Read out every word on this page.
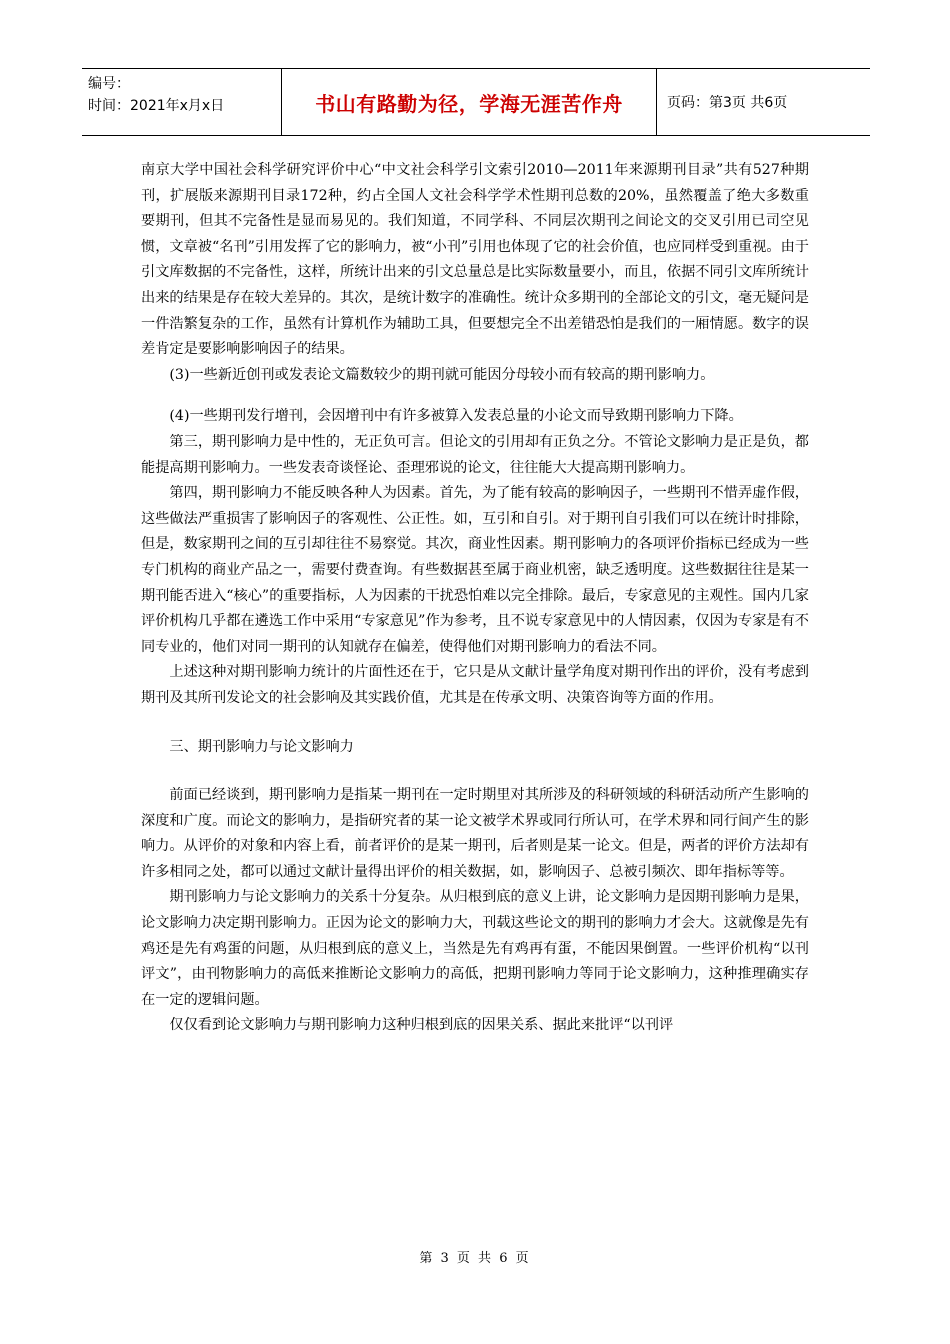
编号：
时间：2021年x月x日	书山有路勤为径，学海无涯苦作舟	页码：第3页 共6页

南京大学中国社会科学研究评价中心“中文社会科学引文索引2010—2011年来源期刊目录”共有527种期刊，扩展版来源期刊目录172种，约占全国人文社会科学学术性期刊总数的20%，虽然覆盖了绝大多数重要期刊，但其不完备性是显而易见的。我们知道，不同学科、不同层次期刊之间论文的交叉引用已司空见惯，文章被“名刊”引用发挥了它的影响力，被“小刊”引用也体现了它的社会价值，也应同样受到重视。由于引文库数据的不完备性，这样，所统计出来的引文总量总是比实际数量要小，而且，依据不同引文库所统计出来的结果是存在较大差异的。其次，是统计数字的准确性。统计众多期刊的全部论文的引文，毫无疑问是一件浩繁复杂的工作，虽然有计算机作为辅助工具，但要想完全不出差错恐怕是我们的一厢情愿。数字的误差肯定是要影响影响因子的结果。

(3)一些新近创刊或发表论文篇数较少的期刊就可能因分母较小而有较高的期刊影响力。

(4)一些期刊发行增刊，会因增刊中有许多被算入发表总量的小论文而导致期刊影响力下降。

第三，期刊影响力是中性的，无正负可言。但论文的引用却有正负之分。不管论文影响力是正是负，都能提高期刊影响力。一些发表奇谈怪论、歪理邪说的论文，往往能大大提高期刊影响力。

第四，期刊影响力不能反映各种人为因素。首先，为了能有较高的影响因子，一些期刊不惜弄虚作假，这些做法严重损害了影响因子的客观性、公正性。如，互引和自引。对于期刊自引我们可以在统计时排除，但是，数家期刊之间的互引却往往不易察觉。其次，商业性因素。期刊影响力的各项评价指标已经成为一些专门机构的商业产品之一，需要付费查询。有些数据甚至属于商业机密，缺乏透明度。这些数据往往是某一期刊能否进入“核心”的重要指标，人为因素的干扰恐怕难以完全排除。最后，专家意见的主观性。国内几家评价机构几乎都在遴选工作中采用“专家意见”作为参考，且不说专家意见中的人情因素，仅因为专家是有不同专业的，他们对同一期刊的认知就存在偏差，使得他们对期刊影响力的看法不同。

上述这种对期刊影响力统计的片面性还在于，它只是从文献计量学角度对期刊作出的评价，没有考虑到期刊及其所刊发论文的社会影响及其实践价值，尤其是在传承文明、决策咨询等方面的作用。

三、期刊影响力与论文影响力

前面已经谈到，期刊影响力是指某一期刊在一定时期里对其所涉及的科研领域的科研活动所产生影响的深度和广度。而论文的影响力，是指研究者的某一论文被学术界或同行所认可，在学术界和同行间产生的影响力。从评价的对象和内容上看，前者评价的是某一期刊，后者则是某一论文。但是，两者的评价方法却有许多相同之处，都可以通过文献计量得出评价的相关数据，如，影响因子、总被引频次、即年指标等等。

期刊影响力与论文影响力的关系十分复杂。从归根到底的意义上讲，论文影响力是因期刊影响力是果，论文影响力决定期刊影响力。正因为论文的影响力大，刊载这些论文的期刊的影响力才会大。这就像是先有鸡还是先有鸡蛋的问题，从归根到底的意义上，当然是先有鸡再有蛋，不能因果倒置。一些评价机构“以刊评文”，由刊物影响力的高低来推断论文影响力的高低，把期刊影响力等同于论文影响力，这种推理确实存在一定的逻辑问题。

仅仅看到论文影响力与期刊影响力这种归根到底的因果关系、据此来批评“以刊评

第 3 页 共 6 页
